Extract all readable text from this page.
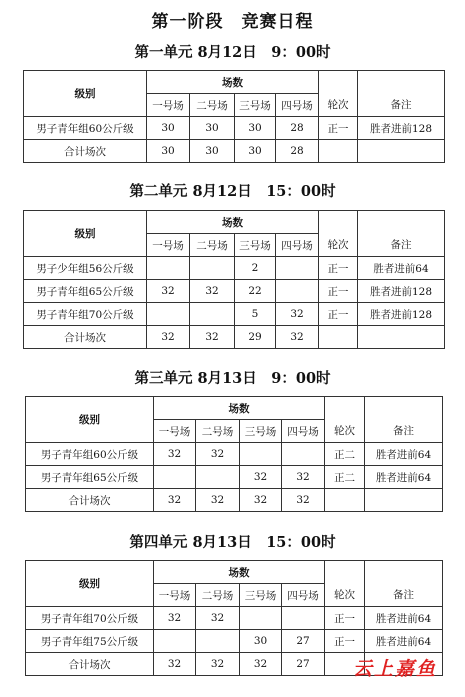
第一阶段　竞赛日程
第一单元 8月12日　9：00时
级别	场数					
	一号场	二号场	三号场	四号场	轮次	备注
男子青年组60公斤级	30	30	30	28	正一	胜者进前128
合计场次	30	30	30	28		
第二单元 8月12日　15：00时
级别	场数					
	一号场	二号场	三号场	四号场	轮次	备注
男子少年组56公斤级			2		正一	胜者进前64
男子青年组65公斤级	32	32	22		正一	胜者进前128
男子青年组70公斤级			5	32	正一	胜者进前128
合计场次	32	32	29	32		
第三单元 8月13日　9：00时
级别	场数					
	一号场	二号场	三号场	四号场	轮次	备注
男子青年组60公斤级	32	32			正二	胜者进前64
男子青年组65公斤级			32	32	正二	胜者进前64
合计场次	32	32	32	32		
第四单元 8月13日　15：00时
级别	场数					
	一号场	二号场	三号场	四号场	轮次	备注
男子青年组70公斤级	32	32			正一	胜者进前64
男子青年组75公斤级			30	27	正一	胜者进前64
合计场次	32	32	32	27		云上嘉鱼
